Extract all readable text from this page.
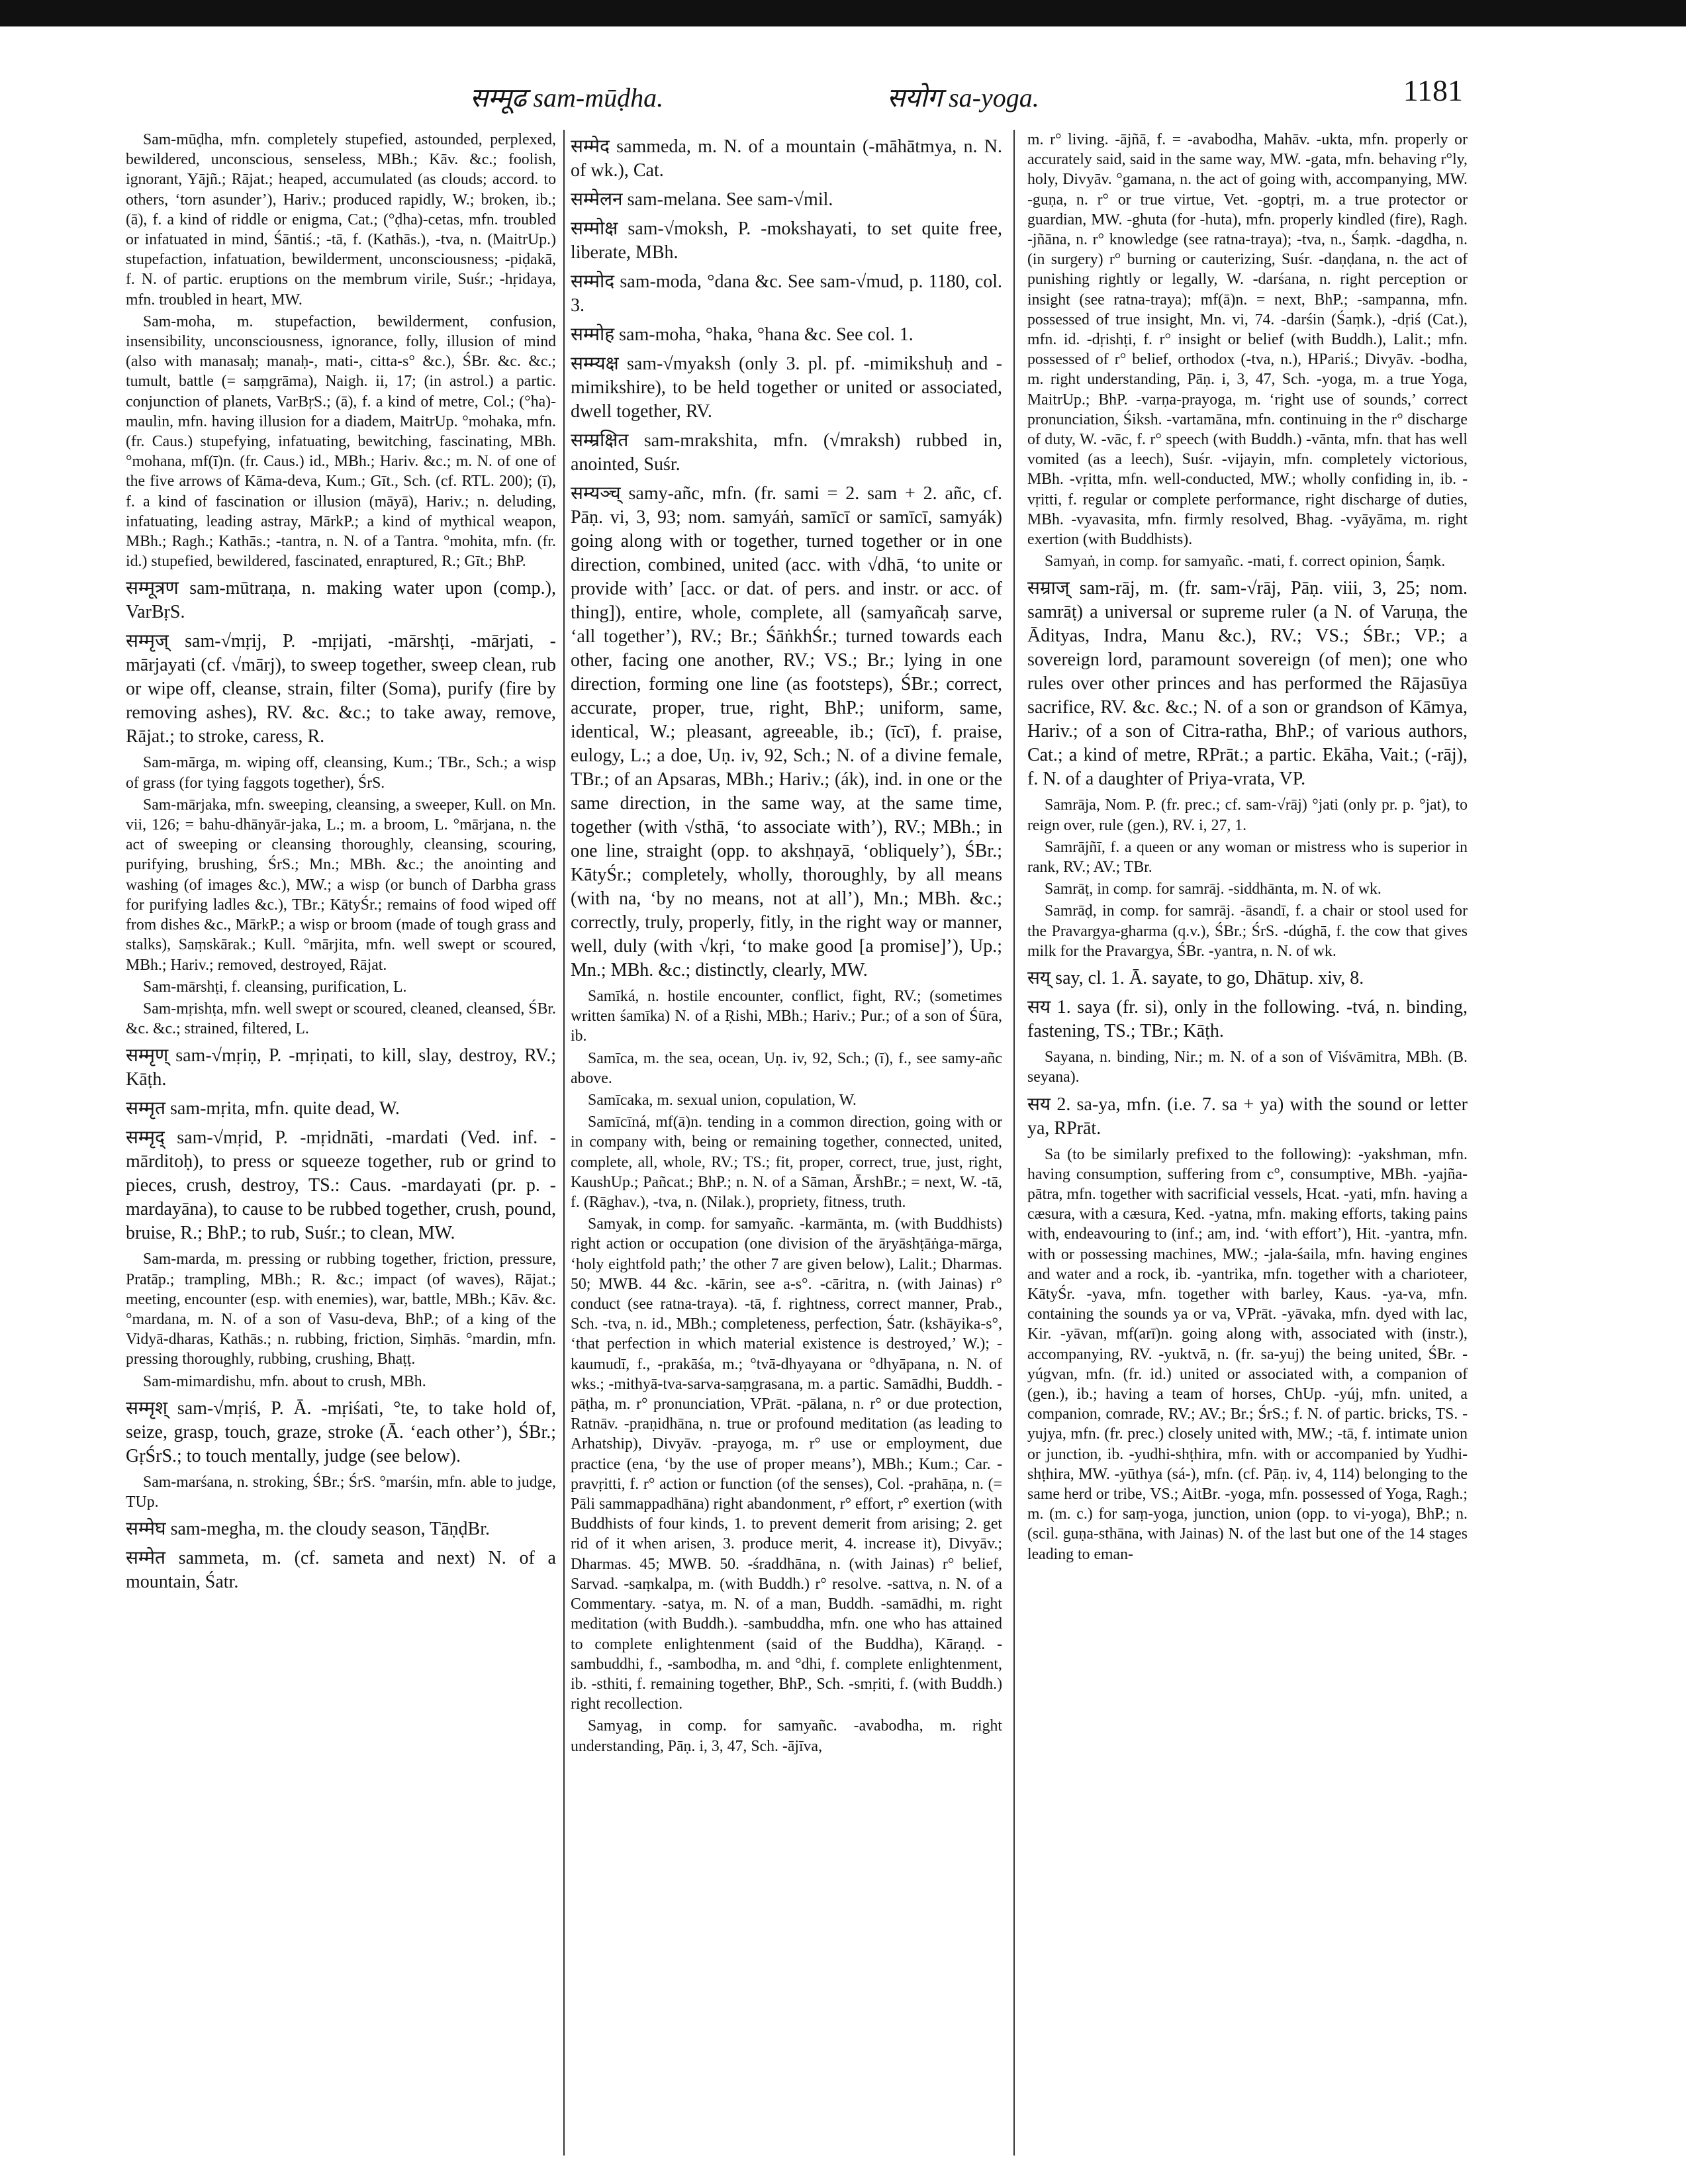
सम्मूढ sam-mūḍha.	सयोग sa-yoga.	1181

Sam-mūḍha, mfn. completely stupefied, astounded, perplexed, bewildered, unconscious, senseless, MBh.; Kāv. &c.; foolish, ignorant, Yājñ.; Rājat.; heaped, accumulated (as clouds; accord. to others, ‘torn asunder’), Hariv.; produced rapidly, W.; broken, ib.; (ā), f. a kind of riddle or enigma, Cat.; (°ḍha)-cetas, mfn. troubled or infatuated in mind, Śāntiś.; -tā, f. (Kathās.), -tva, n. (MaitrUp.) stupefaction, infatuation, bewilderment, unconsciousness; -piḍakā, f. N. of partic. eruptions on the membrum virile, Suśr.; -hṛidaya, mfn. troubled in heart, MW.

Sam-moha, m. stupefaction, bewilderment, confusion, insensibility, unconsciousness, ignorance, folly, illusion of mind (also with manasaḥ; manaḥ-, mati-, citta-s° &c.), ŚBr. &c. &c.; tumult, battle (= saṃgrāma), Naigh. ii, 17; (in astrol.) a partic. conjunction of planets, VarBṛS.; (ā), f. a kind of metre, Col.; (°ha)-maulin, mfn. having illusion for a diadem, MaitrUp. °mohaka, mfn. (fr. Caus.) stupefying, infatuating, bewitching, fascinating, MBh. °mohana, mf(ī)n. (fr. Caus.) id., MBh.; Hariv. &c.; m. N. of one of the five arrows of Kāma-deva, Kum.; Gīt., Sch. (cf. RTL. 200); (ī), f. a kind of fascination or illusion (māyā), Hariv.; n. deluding, infatuating, leading astray, MārkP.; a kind of mythical weapon, MBh.; Ragh.; Kathās.; -tantra, n. N. of a Tantra. °mohita, mfn. (fr. id.) stupefied, bewildered, fascinated, enraptured, R.; Gīt.; BhP.

सम्मूत्रण sam-mūtraṇa, n. making water upon (comp.), VarBṛS.

सम्मृज् sam-√mṛij, P. -mṛijati, -mārshṭi, -mārjati, -mārjayati (cf. √mārj), to sweep together, sweep clean, rub or wipe off, cleanse, strain, filter (Soma), purify (fire by removing ashes), RV. &c. &c.; to take away, remove, Rājat.; to stroke, caress, R.

Sam-mārga, m. wiping off, cleansing, Kum.; TBr., Sch.; a wisp of grass (for tying faggots together), ŚrS.

Sam-mārjaka, mfn. sweeping, cleansing, a sweeper, Kull. on Mn. vii, 126; = bahu-dhānyār-jaka, L.; m. a broom, L. °mārjana, n. the act of sweeping or cleansing thoroughly, cleansing, scouring, purifying, brushing, ŚrS.; Mn.; MBh. &c.; the anointing and washing (of images &c.), MW.; a wisp (or bunch of Darbha grass for purifying ladles &c.), TBr.; KātyŚr.; remains of food wiped off from dishes &c., MārkP.; a wisp or broom (made of tough grass and stalks), Saṃskārak.; Kull. °mārjita, mfn. well swept or scoured, MBh.; Hariv.; removed, destroyed, Rājat.

Sam-mārshṭi, f. cleansing, purification, L.

Sam-mṛishṭa, mfn. well swept or scoured, cleaned, cleansed, ŚBr. &c. &c.; strained, filtered, L.

सम्मृण् sam-√mṛiṇ, P. -mṛiṇati, to kill, slay, destroy, RV.; Kāṭh.

सम्मृत sam-mṛita, mfn. quite dead, W.

सम्मृद् sam-√mṛid, P. -mṛidnāti, -mardati (Ved. inf. -mārditoḥ), to press or squeeze together, rub or grind to pieces, crush, destroy, TS.: Caus. -mardayati (pr. p. -mardayāna), to cause to be rubbed together, crush, pound, bruise, R.; BhP.; to rub, Suśr.; to clean, MW.

Sam-marda, m. pressing or rubbing together, friction, pressure, Pratāp.; trampling, MBh.; R. &c.; impact (of waves), Rājat.; meeting, encounter (esp. with enemies), war, battle, MBh.; Kāv. &c. °mardana, m. N. of a son of Vasu-deva, BhP.; of a king of the Vidyā-dharas, Kathās.; n. rubbing, friction, Siṃhās. °mardin, mfn. pressing thoroughly, rubbing, crushing, Bhaṭṭ.

Sam-mimardishu, mfn. about to crush, MBh.

सम्मृश् sam-√mṛiś, P. Ā. -mṛiśati, °te, to take hold of, seize, grasp, touch, graze, stroke (Ā. ‘each other’), ŚBr.; GṛŚrS.; to touch mentally, judge (see below).

Sam-marśana, n. stroking, ŚBr.; ŚrS. °marśin, mfn. able to judge, TUp.

सम्मेघ sam-megha, m. the cloudy season, TāṇḍBr.

सम्मेत sammeta, m. (cf. sameta and next) N. of a mountain, Śatr.

सम्मेद sammeda, m. N. of a mountain (-māhātmya, n. N. of wk.), Cat.

सम्मेलन sam-melana. See sam-√mil.

सम्मोक्ष sam-√moksh, P. -mokshayati, to set quite free, liberate, MBh.

सम्मोद sam-moda, °dana &c. See sam-√mud, p. 1180, col. 3.

सम्मोह sam-moha, °haka, °hana &c. See col. 1.

सम्म्यक्ष sam-√myaksh (only 3. pl. pf. -mimikshuḥ and -mimikshire), to be held together or united or associated, dwell together, RV.

सम्म्रक्षित sam-mrakshita, mfn. (√mraksh) rubbed in, anointed, Suśr.

सम्यञ्च् samy-añc, mfn. (fr. sami = 2. sam + 2. añc, cf. Pāṇ. vi, 3, 93; nom. samyáṅ, samīcī or samīcī, samyák) going along with or together, turned together or in one direction, combined, united (acc. with √dhā, ‘to unite or provide with’ [acc. or dat. of pers. and instr. or acc. of thing]), entire, whole, complete, all (samyañcaḥ sarve, ‘all together’), RV.; Br.; ŚāṅkhŚr.; turned towards each other, facing one another, RV.; VS.; Br.; lying in one direction, forming one line (as footsteps), ŚBr.; correct, accurate, proper, true, right, BhP.; uniform, same, identical, W.; pleasant, agreeable, ib.; (īcī), f. praise, eulogy, L.; a doe, Uṇ. iv, 92, Sch.; N. of a divine female, TBr.; of an Apsaras, MBh.; Hariv.; (ák), ind. in one or the same direction, in the same way, at the same time, together (with √sthā, ‘to associate with’), RV.; MBh.; in one line, straight (opp. to akshṇayā, ‘obliquely’), ŚBr.; KātyŚr.; completely, wholly, thoroughly, by all means (with na, ‘by no means, not at all’), Mn.; MBh. &c.; correctly, truly, properly, fitly, in the right way or manner, well, duly (with √kṛi, ‘to make good [a promise]’), Up.; Mn.; MBh. &c.; distinctly, clearly, MW.

Samīká, n. hostile encounter, conflict, fight, RV.; (sometimes written śamīka) N. of a Ṛishi, MBh.; Hariv.; Pur.; of a son of Śūra, ib.

Samīca, m. the sea, ocean, Uṇ. iv, 92, Sch.; (ī), f., see samy-añc above.

Samīcaka, m. sexual union, copulation, W.

Samīcīná, mf(ā)n. tending in a common direction, going with or in company with, being or remaining together, connected, united, complete, all, whole, RV.; TS.; fit, proper, correct, true, just, right, KaushUp.; Pañcat.; BhP.; n. N. of a Sāman, ĀrshBr.; = next, W. -tā, f. (Rāghav.), -tva, n. (Nilak.), propriety, fitness, truth.

Samyak, in comp. for samyañc. -karmānta, m. (with Buddhists) right action or occupation (one division of the āryāshṭāṅga-mārga, ‘holy eightfold path;’ the other 7 are given below), Lalit.; Dharmas. 50; MWB. 44 &c. -kārin, see a-s°. -cāritra, n. (with Jainas) r° conduct (see ratna-traya). -tā, f. rightness, correct manner, Prab., Sch. -tva, n. id., MBh.; completeness, perfection, Śatr. (kshāyika-s°, ‘that perfection in which material existence is destroyed,’ W.); -kaumudī, f., -prakāśa, m.; °tvā-dhyayana or °dhyāpana, n. N. of wks.; -mithyā-tva-sarva-saṃgrasana, m. a partic. Samādhi, Buddh. -pāṭha, m. r° pronunciation, VPrāt. -pālana, n. r° or due protection, Ratnāv. -praṇidhāna, n. true or profound meditation (as leading to Arhatship), Divyāv. -prayoga, m. r° use or employment, due practice (ena, ‘by the use of proper means’), MBh.; Kum.; Car. -pravṛitti, f. r° action or function (of the senses), Col. -prahāṇa, n. (= Pāli sammappadhāna) right abandonment, r° effort, r° exertion (with Buddhists of four kinds, 1. to prevent demerit from arising; 2. get rid of it when arisen, 3. produce merit, 4. increase it), Divyāv.; Dharmas. 45; MWB. 50. -śraddhāna, n. (with Jainas) r° belief, Sarvad. -saṃkalpa, m. (with Buddh.) r° resolve. -sattva, n. N. of a Commentary. -satya, m. N. of a man, Buddh. -samādhi, m. right meditation (with Buddh.). -sambuddha, mfn. one who has attained to complete enlightenment (said of the Buddha), Kāraṇḍ. -sambuddhi, f., -sambodha, m. and °dhi, f. complete enlightenment, ib. -sthiti, f. remaining together, BhP., Sch. -smṛiti, f. (with Buddh.) right recollection.

Samyag, in comp. for samyañc. -avabodha, m. right understanding, Pāṇ. i, 3, 47, Sch. -ājīva,

m. r° living. -ājñā, f. = -avabodha, Mahāv. -ukta, mfn. properly or accurately said, said in the same way, MW. -gata, mfn. behaving r°ly, holy, Divyāv. °gamana, n. the act of going with, accompanying, MW. -guṇa, n. r° or true virtue, Vet. -goptṛi, m. a true protector or guardian, MW. -ghuta (for -huta), mfn. properly kindled (fire), Ragh. -jñāna, n. r° knowledge (see ratna-traya); -tva, n., Śaṃk. -dagdha, n. (in surgery) r° burning or cauterizing, Suśr. -daṇḍana, n. the act of punishing rightly or legally, W. -darśana, n. right perception or insight (see ratna-traya); mf(ā)n. = next, BhP.; -sampanna, mfn. possessed of true insight, Mn. vi, 74. -darśin (Śaṃk.), -dṛiś (Cat.), mfn. id. -dṛishṭi, f. r° insight or belief (with Buddh.), Lalit.; mfn. possessed of r° belief, orthodox (-tva, n.), HPariś.; Divyāv. -bodha, m. right understanding, Pāṇ. i, 3, 47, Sch. -yoga, m. a true Yoga, MaitrUp.; BhP. -varṇa-prayoga, m. ‘right use of sounds,’ correct pronunciation, Śiksh. -vartamāna, mfn. continuing in the r° discharge of duty, W. -vāc, f. r° speech (with Buddh.) -vānta, mfn. that has well vomited (as a leech), Suśr. -vijayin, mfn. completely victorious, MBh. -vṛitta, mfn. well-conducted, MW.; wholly confiding in, ib. -vṛitti, f. regular or complete performance, right discharge of duties, MBh. -vyavasita, mfn. firmly resolved, Bhag. -vyāyāma, m. right exertion (with Buddhists).

Samyaṅ, in comp. for samyañc. -mati, f. correct opinion, Śaṃk.

सम्राज् sam-rāj, m. (fr. sam-√rāj, Pāṇ. viii, 3, 25; nom. samrāṭ) a universal or supreme ruler (a N. of Varuṇa, the Ādityas, Indra, Manu &c.), RV.; VS.; ŚBr.; VP.; a sovereign lord, paramount sovereign (of men); one who rules over other princes and has performed the Rājasūya sacrifice, RV. &c. &c.; N. of a son or grandson of Kāmya, Hariv.; of a son of Citra-ratha, BhP.; of various authors, Cat.; a kind of metre, RPrāt.; a partic. Ekāha, Vait.; (-rāj), f. N. of a daughter of Priya-vrata, VP.

Samrāja, Nom. P. (fr. prec.; cf. sam-√rāj) °jati (only pr. p. °jat), to reign over, rule (gen.), RV. i, 27, 1.

Samrājñī, f. a queen or any woman or mistress who is superior in rank, RV.; AV.; TBr.

Samrāṭ, in comp. for samrāj. -siddhānta, m. N. of wk.

Samrāḍ, in comp. for samrāj. -āsandī, f. a chair or stool used for the Pravargya-gharma (q.v.), ŚBr.; ŚrS. -dúghā, f. the cow that gives milk for the Pravargya, ŚBr. -yantra, n. N. of wk.

सय् say, cl. 1. Ā. sayate, to go, Dhātup. xiv, 8.

सय 1. saya (fr. si), only in the following. -tvá, n. binding, fastening, TS.; TBr.; Kāṭh.

Sayana, n. binding, Nir.; m. N. of a son of Viśvāmitra, MBh. (B. seyana).

सय 2. sa-ya, mfn. (i.e. 7. sa + ya) with the sound or letter ya, RPrāt.

Sa (to be similarly prefixed to the following): -yakshman, mfn. having consumption, suffering from c°, consumptive, MBh. -yajña-pātra, mfn. together with sacrificial vessels, Hcat. -yati, mfn. having a cæsura, with a cæsura, Ked. -yatna, mfn. making efforts, taking pains with, endeavouring to (inf.; am, ind. ‘with effort’), Hit. -yantra, mfn. with or possessing machines, MW.; -jala-śaila, mfn. having engines and water and a rock, ib. -yantrika, mfn. together with a charioteer, KātyŚr. -yava, mfn. together with barley, Kaus. -ya-va, mfn. containing the sounds ya or va, VPrāt. -yāvaka, mfn. dyed with lac, Kir. -yāvan, mf(arī)n. going along with, associated with (instr.), accompanying, RV. -yuktvā, n. (fr. sa-yuj) the being united, ŚBr. -yúgvan, mfn. (fr. id.) united or associated with, a companion of (gen.), ib.; having a team of horses, ChUp. -yúj, mfn. united, a companion, comrade, RV.; AV.; Br.; ŚrS.; f. N. of partic. bricks, TS. -yujya, mfn. (fr. prec.) closely united with, MW.; -tā, f. intimate union or junction, ib. -yudhi-shṭhira, mfn. with or accompanied by Yudhi-shṭhira, MW. -yūthya (sá-), mfn. (cf. Pāṇ. iv, 4, 114) belonging to the same herd or tribe, VS.; AitBr. -yoga, mfn. possessed of Yoga, Ragh.; m. (m. c.) for saṃ-yoga, junction, union (opp. to vi-yoga), BhP.; n. (scil. guṇa-sthāna, with Jainas) N. of the last but one of the 14 stages leading to eman-
